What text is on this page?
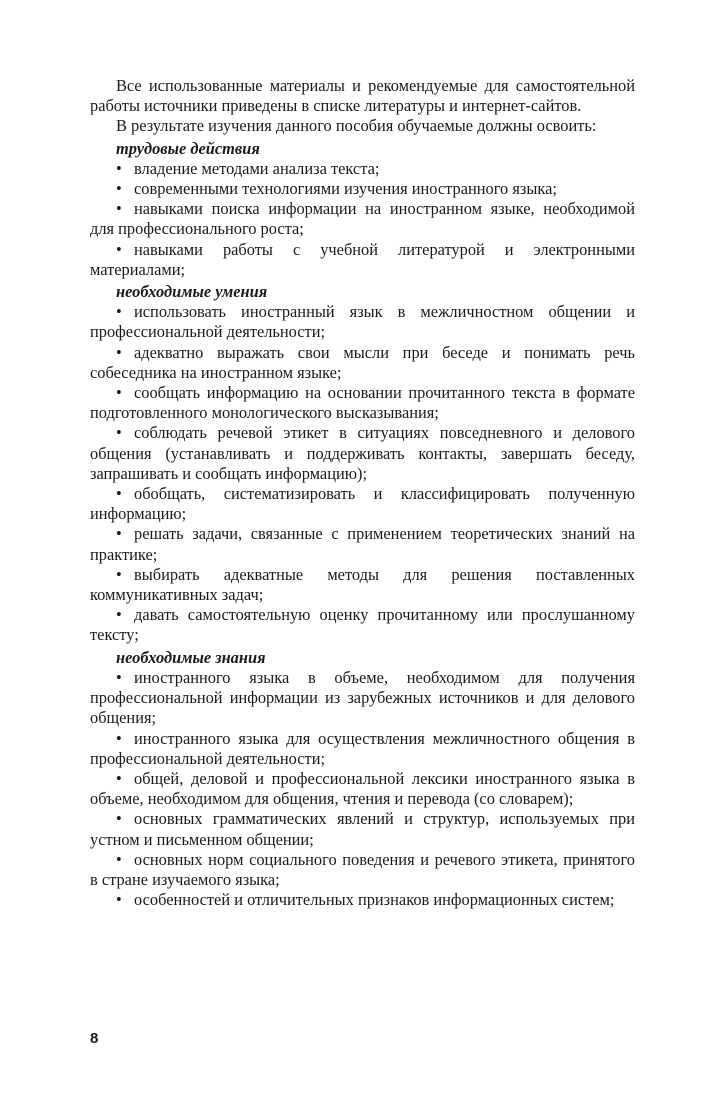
Все использованные материалы и рекомендуемые для самостоятельной работы источники приведены в списке литературы и интернет-сайтов.

В результате изучения данного пособия обучаемые должны освоить:

трудовые действия

• владение методами анализа текста;

• современными технологиями изучения иностранного языка;

• навыками поиска информации на иностранном языке, необходимой для профессионального роста;

• навыками работы с учебной литературой и электронными материалами;

необходимые умения

• использовать иностранный язык в межличностном общении и профессиональной деятельности;

• адекватно выражать свои мысли при беседе и понимать речь собеседника на иностранном языке;

• сообщать информацию на основании прочитанного текста в формате подготовленного монологического высказывания;

• соблюдать речевой этикет в ситуациях повседневного и делового общения (устанавливать и поддерживать контакты, завершать беседу, запрашивать и сообщать информацию);

• обобщать, систематизировать и классифицировать полученную информацию;

• решать задачи, связанные с применением теоретических знаний на практике;

• выбирать адекватные методы для решения поставленных коммуникативных задач;

• давать самостоятельную оценку прочитанному или прослушанному тексту;

необходимые знания

• иностранного языка в объеме, необходимом для получения профессиональной информации из зарубежных источников и для делового общения;

• иностранного языка для осуществления межличностного общения в профессиональной деятельности;

• общей, деловой и профессиональной лексики иностранного языка в объеме, необходимом для общения, чтения и перевода (со словарем);

• основных грамматических явлений и структур, используемых при устном и письменном общении;

• основных норм социального поведения и речевого этикета, принятого в стране изучаемого языка;

• особенностей и отличительных признаков информационных систем;

8
